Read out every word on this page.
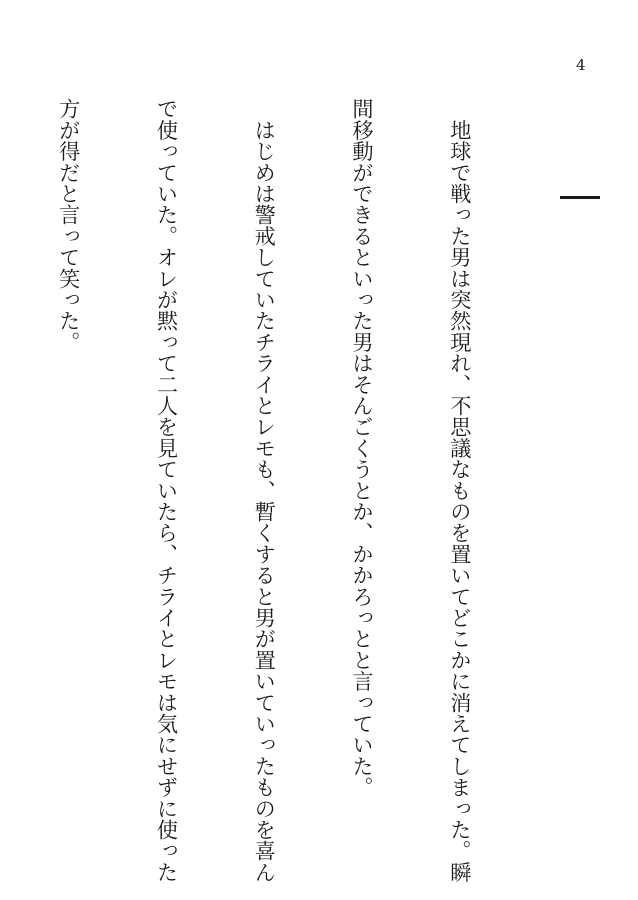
4

　地球で戦った男は突然現れ、不思議なものを置いてどこかに消えてしまった。瞬

間移動ができるといった男はそんごくうとか、かかろっとと言っていた。

　はじめは警戒していたチライとレモも、暫くすると男が置いていったものを喜ん

で使っていた。オレが黙って二人を見ていたら、チライとレモは気にせずに使った

方が得だと言って笑った。
